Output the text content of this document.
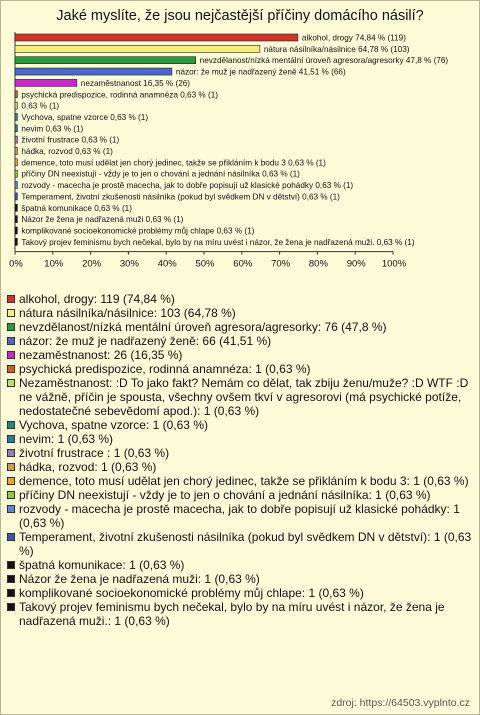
Jaké myslíte, že jsou nejčastější příčiny domácího násilí?
alkohol, drogy 74,84 % (119)
nátura násilníka/násilnice 64,78 % (103)
nevzdělanost/nízká mentální úroveň agresora/agresorky 47,8 % (76)
názor: že muž je nadřazený ženě 41,51 % (66)
nezaměstnanost 16,35 % (26)
psychická predispozice, rodinná anamnéza 0,63 % (1)
0,63 % (1)
Vychova, spatne vzorce 0,63 % (1)
nevim 0,63 % (1)
životní frustrace 0,63 % (1)
hádka, rozvod 0,63 % (1)
demence, toto musí udělat jen chorý jedinec, takže se přikláním k bodu 3 0,63 % (1)
příčiny DN neexistují - vždy je to jen o chování a jednání násilníka 0,63 % (1)
rozvody - macecha je prostě macecha, jak to dobře popisují už klasické pohádky 0,63 % (1)
Temperament, životní zkušenosti násilníka (pokud byl svědkem DN v dětství) 0,63 % (1)
špatná komunikace 0,63 % (1)
Názor že žena je nadřazená muži 0,63 % (1)
komplikované socioekonomické problémy můj chlape 0,63 % (1)
Takový projev feminismu bych nečekal, bylo by na míru uvést i názor, že žena je nadřazená muži. 0,63 % (1)
0% 10% 20% 30% 40% 50% 60% 70% 80% 90% 100%
alkohol, drogy: 119 (74,84 %)
nátura násilníka/násilnice: 103 (64,78 %)
nevzdělanost/nízká mentální úroveň agresora/agresorky: 76 (47,8 %)
názor: že muž je nadřazený ženě: 66 (41,51 %)
nezaměstnanost: 26 (16,35 %)
psychická predispozice, rodinná anamnéza: 1 (0,63 %)
Nezaměstnanost: :D To jako fakt? Nemám co dělat, tak zbiju ženu/muže? :D WTF :D ne vážně, příčin je spousta, všechny ovšem tkví v agresorovi (má psychické potíže, nedostatečné sebevědomí apod.): 1 (0,63 %)
Vychova, spatne vzorce: 1 (0,63 %)
nevim: 1 (0,63 %)
životní frustrace : 1 (0,63 %)
hádka, rozvod: 1 (0,63 %)
demence, toto musí udělat jen chorý jedinec, takže se přikláním k bodu 3: 1 (0,63 %)
příčiny DN neexistují - vždy je to jen o chování a jednání násilníka: 1 (0,63 %)
rozvody - macecha je prostě macecha, jak to dobře popisují už klasické pohádky: 1 (0,63 %)
Temperament, životní zkušenosti násilníka (pokud byl svědkem DN v dětství): 1 (0,63 %)
špatná komunikace: 1 (0,63 %)
Názor že žena je nadřazená muži: 1 (0,63 %)
komplikované socioekonomické problémy můj chlape: 1 (0,63 %)
Takový projev feminismu bych nečekal, bylo by na míru uvést i názor, že žena je nadřazená muži.: 1 (0,63 %)
zdroj: https://64503.vyplnto.cz
